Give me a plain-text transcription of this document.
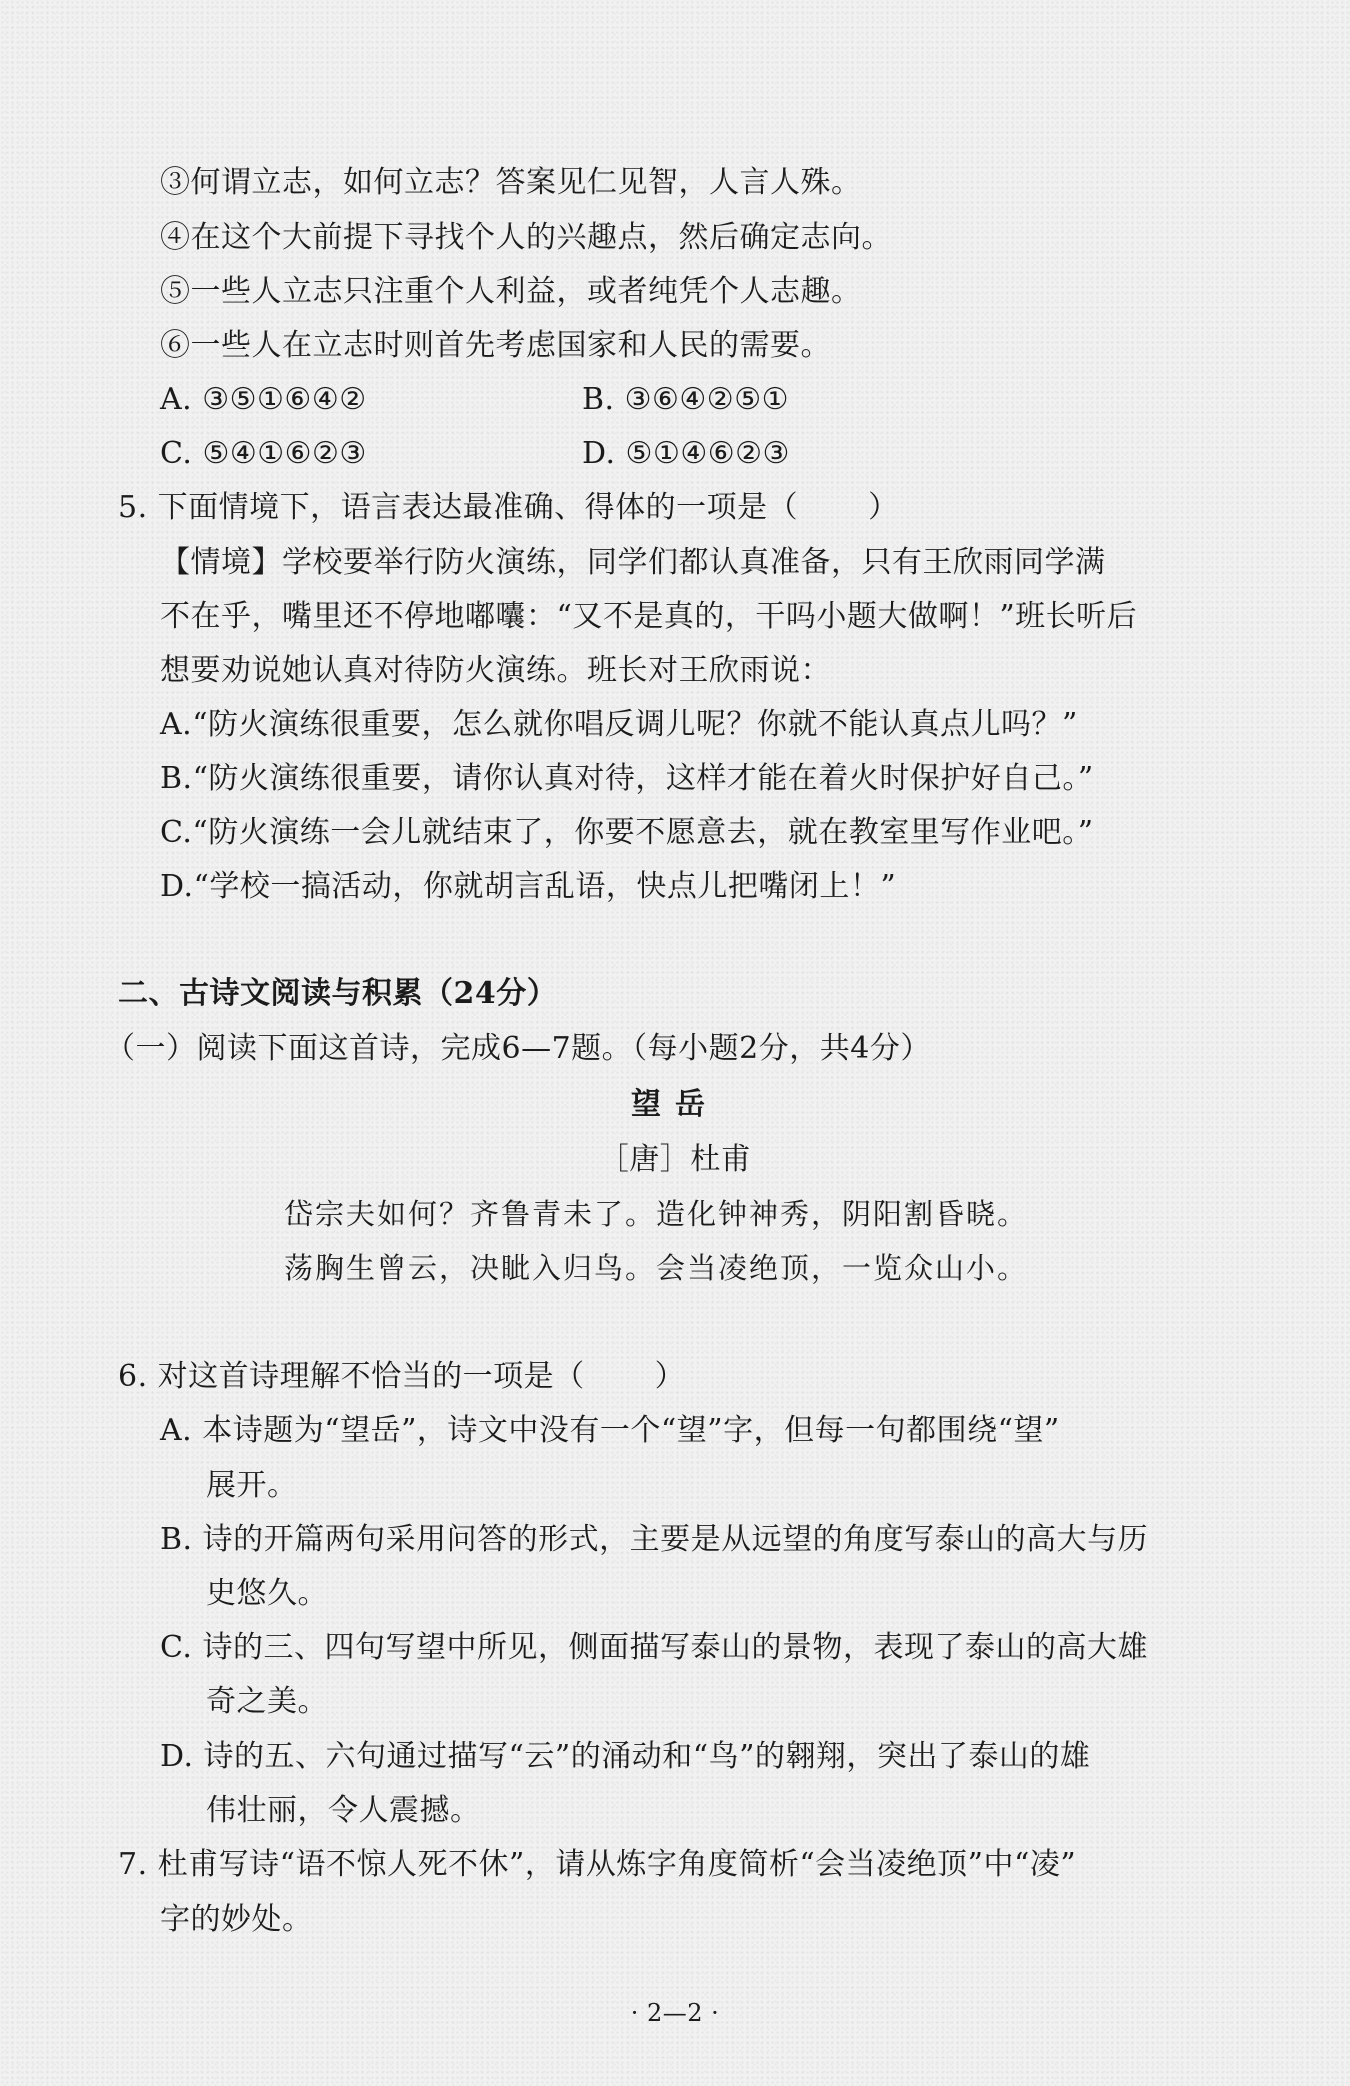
③何谓立志，如何立志？答案见仁见智，人言人殊。
④在这个大前提下寻找个人的兴趣点，然后确定志向。
⑤一些人立志只注重个人利益，或者纯凭个人志趣。
⑥一些人在立志时则首先考虑国家和人民的需要。
A. ③⑤①⑥④②	B. ③⑥④②⑤①
C. ⑤④①⑥②③	D. ⑤①④⑥②③
5. 下面情境下，语言表达最准确、得体的一项是（ ）
【情境】学校要举行防火演练，同学们都认真准备，只有王欣雨同学满
不在乎，嘴里还不停地嘟囔：“又不是真的，干吗小题大做啊！”班长听后
想要劝说她认真对待防火演练。班长对王欣雨说：
A.“防火演练很重要，怎么就你唱反调儿呢？你就不能认真点儿吗？”
B.“防火演练很重要，请你认真对待，这样才能在着火时保护好自己。”
C.“防火演练一会儿就结束了，你要不愿意去，就在教室里写作业吧。”
D.“学校一搞活动，你就胡言乱语，快点儿把嘴闭上！”
二、古诗文阅读与积累（24分）
（一）阅读下面这首诗，完成6—7题。（每小题2分，共4分）
望岳
［唐］杜甫
岱宗夫如何？齐鲁青未了。造化钟神秀，阴阳割昏晓。
荡胸生曾云，决眦入归鸟。会当凌绝顶，一览众山小。
6. 对这首诗理解不恰当的一项是（ ）
A. 本诗题为“望岳”，诗文中没有一个“望”字，但每一句都围绕“望”
展开。
B. 诗的开篇两句采用问答的形式，主要是从远望的角度写泰山的高大与历
史悠久。
C. 诗的三、四句写望中所见，侧面描写泰山的景物，表现了泰山的高大雄
奇之美。
D. 诗的五、六句通过描写“云”的涌动和“鸟”的翱翔，突出了泰山的雄
伟壮丽，令人震撼。
7. 杜甫写诗“语不惊人死不休”，请从炼字角度简析“会当凌绝顶”中“凌”
字的妙处。
· 2—2 ·
